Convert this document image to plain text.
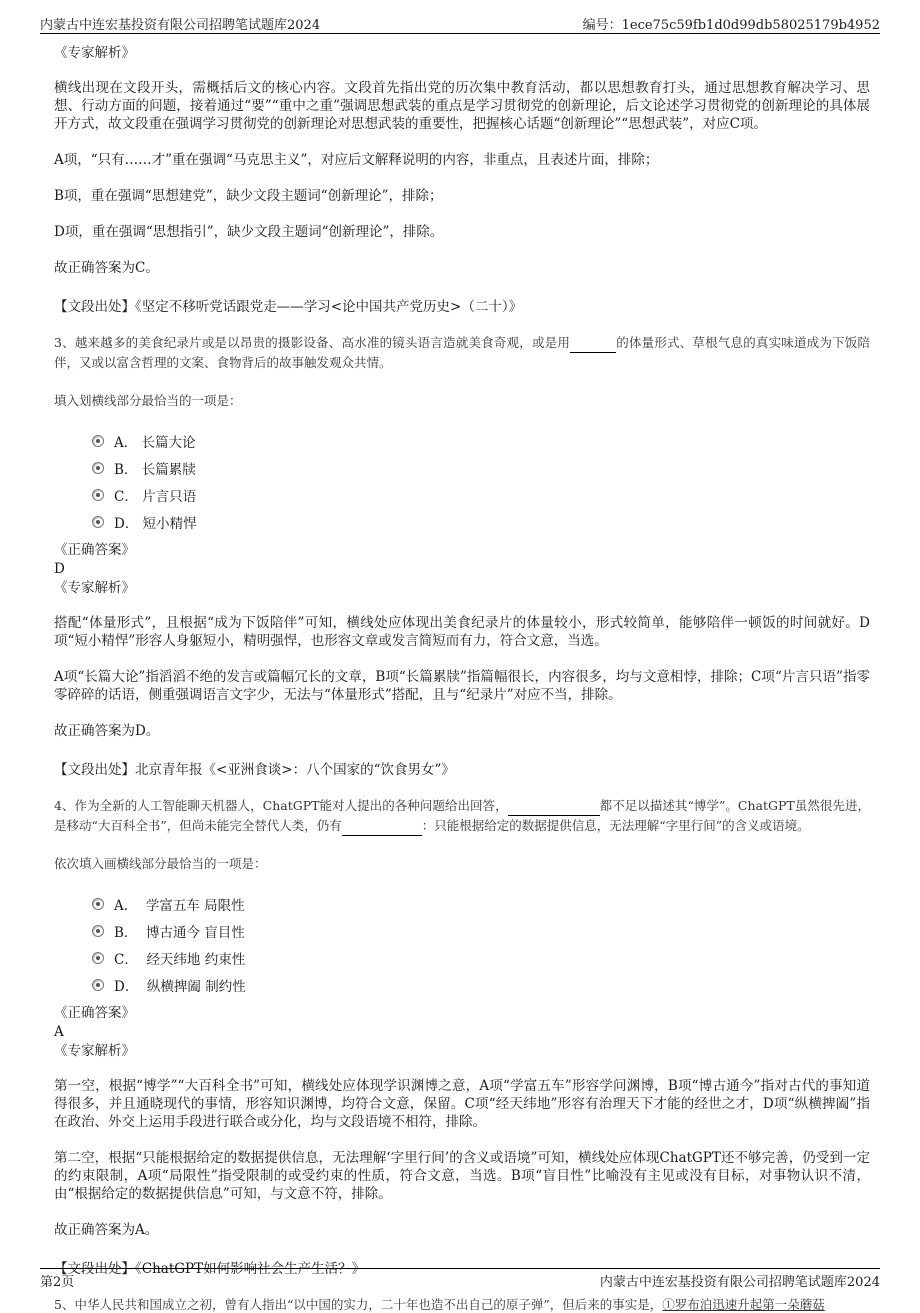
内蒙古中连宏基投资有限公司招聘笔试题库2024	编号：1ece75c59fb1d0d99db58025179b4952
《专家解析》
横线出现在文段开头，需概括后文的核心内容。文段首先指出党的历次集中教育活动，都以思想教育打头，通过思想教育解决学习、思想、行动方面的问题，接着通过“要”“重中之重”强调思想武装的重点是学习贯彻党的创新理论，后文论述学习贯彻党的创新理论的具体展开方式，故文段重在强调学习贯彻党的创新理论对思想武装的重要性，把握核心话题“创新理论”“思想武装”，对应C项。
A项，“只有……才”重在强调“马克思主义”，对应后文解释说明的内容，非重点，且表述片面，排除；
B项，重在强调“思想建党”，缺少文段主题词“创新理论”，排除；
D项，重在强调“思想指引”，缺少文段主题词“创新理论”，排除。
故正确答案为C。
【文段出处】《坚定不移听党话跟党走——学习<论中国共产党历史>（二十）》
3、越来越多的美食纪录片或是以昂贵的摄影设备、高水准的镜头语言造就美食奇观，或是用	的体量形式、草根气息的真实味道成为下饭陪伴，又或以富含哲理的文案、食物背后的故事触发观众共情。
填入划横线部分最恰当的一项是：
A．
长篇大论
B．
长篇累牍
C．
片言只语
D．
短小精悍
《正确答案》
D
《专家解析》
搭配“体量形式”，且根据“成为下饭陪伴”可知，横线处应体现出美食纪录片的体量较小，形式较简单，能够陪伴一顿饭的时间就好。D项“短小精悍”形容人身躯短小，精明强悍，也形容文章或发言简短而有力，符合文意，当选。
A项“长篇大论”指滔滔不绝的发言或篇幅冗长的文章，B项“长篇累牍”指篇幅很长，内容很多，均与文意相悖，排除；C项“片言只语”指零零碎碎的话语，侧重强调语言文字少，无法与“体量形式”搭配，且与“纪录片”对应不当，排除。
故正确答案为D。
【文段出处】北京青年报《<亚洲食谈>：八个国家的“饮食男女”》
4、作为全新的人工智能聊天机器人，ChatGPT能对人提出的各种问题给出回答，	都不足以描述其“博学”。ChatGPT虽然很先进，是移动“大百科全书”，但尚未能完全替代人类，仍有	：只能根据给定的数据提供信息，无法理解“字里行间”的含义或语境。
依次填入画横线部分最恰当的一项是：
A．
学富五车 局限性
B．
博古通今 盲目性
C．
经天纬地 约束性
D．
纵横捭阖 制约性
《正确答案》
A
《专家解析》
第一空，根据“博学”“大百科全书”可知，横线处应体现学识渊博之意，A项“学富五车”形容学问渊博，B项“博古通今”指对古代的事知道得很多，并且通晓现代的事情，形容知识渊博，均符合文意，保留。C项“经天纬地”形容有治理天下才能的经世之才，D项“纵横捭阖”指在政治、外交上运用手段进行联合或分化，均与文段语境不相符，排除。
第二空，根据“只能根据给定的数据提供信息，无法理解‘字里行间’的含义或语境”可知，横线处应体现ChatGPT还不够完善，仍受到一定的约束限制，A项“局限性”指受限制的或受约束的性质，符合文意，当选。B项“盲目性”比喻没有主见或没有目标，对事物认识不清，由“根据给定的数据提供信息”可知，与文意不符，排除。
故正确答案为A。
【文段出处】《ChatGPT如何影响社会生产生活？》
5、中华人民共和国成立之初，曾有人指出“以中国的实力，二十年也造不出自己的原子弹”，但后来的事实是，①罗布泊迅速升起第一朵蘑菇
第2页	内蒙古中连宏基投资有限公司招聘笔试题库2024
